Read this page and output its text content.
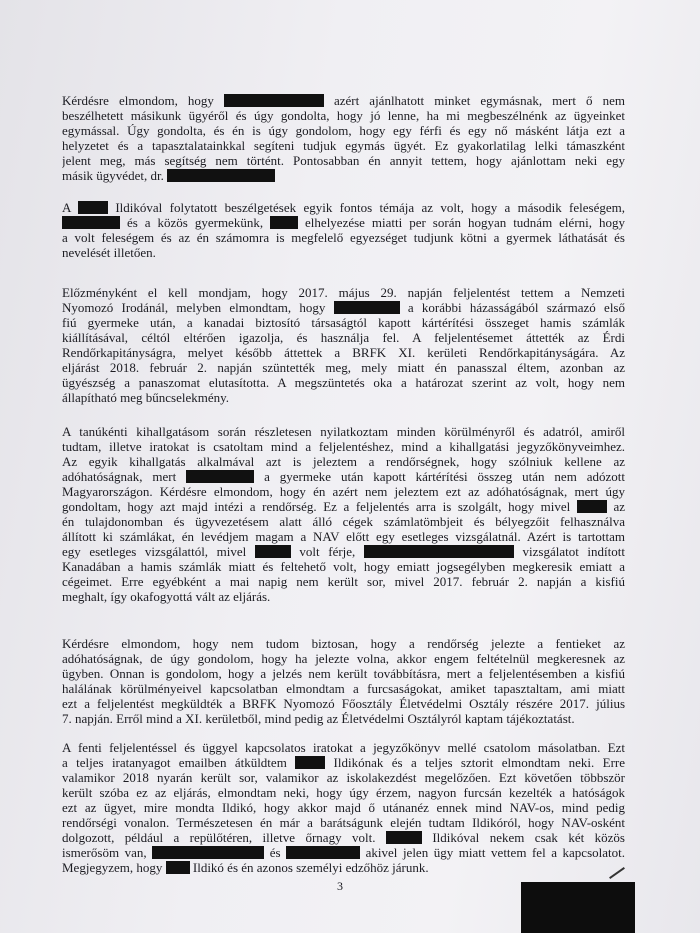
Kérdésre elmondom, hogy	azért ajánlhatott minket egymásnak, mert ő nem
beszélhetett másikunk ügyéről és úgy gondolta, hogy jó lenne, ha mi megbeszélnénk az ügyeinket
egymással. Úgy gondolta, és én is úgy gondolom, hogy egy férfi és egy nő másként látja ezt a
helyzetet és a tapasztalatainkkal segíteni tudjuk egymás ügyét. Ez gyakorlatilag lelki támaszként
jelent meg, más segítség nem történt. Pontosabban én annyit tettem, hogy ajánlottam neki egy
másik ügyvédet, dr.
A  Ildikóval folytatott beszélgetések egyik fontos témája az volt, hogy a második feleségem,
és a közös gyermekünk,  elhelyezése miatti per során hogyan tudnám elérni, hogy
a volt feleségem és az én számomra is megfelelő egyezséget tudjunk kötni a gyermek láthatását és
nevelését illetően.
Előzményként el kell mondjam, hogy 2017. május 29. napján feljelentést tettem a Nemzeti
Nyomozó Irodánál, melyben elmondtam, hogy	a korábbi házasságából származó első
fiú gyermeke után, a kanadai biztosító társaságtól kapott kártérítési összeget hamis számlák
kiállításával, céltól eltérően igazolja, és használja fel. A feljelentésemet áttették az Érdi
Rendőrkapitányságra, melyet később áttettek a BRFK XI. kerületi Rendőrkapitányságára. Az
eljárást 2018. február 2. napján szüntették meg, mely miatt én panasszal éltem, azonban az
ügyészség a panaszomat elutasította. A megszüntetés oka a határozat szerint az volt, hogy nem
állapítható meg bűncselekmény.
A tanúkénti kihallgatásom során részletesen nyilatkoztam minden körülményről és adatról, amiről
tudtam, illetve iratokat is csatoltam mind a feljelentéshez, mind a kihallgatási jegyzőkönyveimhez.
Az egyik kihallgatás alkalmával azt is jeleztem a rendőrségnek, hogy szólniuk kellene az
adóhatóságnak, mert	a gyermeke után kapott kártérítési összeg után nem adózott
Magyarországon. Kérdésre elmondom, hogy én azért nem jeleztem ezt az adóhatóságnak, mert úgy
gondoltam, hogy azt majd intézi a rendőrség. Ez a feljelentés arra is szolgált, hogy mivel  az
én tulajdonomban és ügyvezetésem alatt álló cégek számlatömbjeit és bélyegzőit felhasználva
állított ki számlákat, én levédjem magam a NAV előtt egy esetleges vizsgálatnál. Azért is tartottam
egy esetleges vizsgálattól, mivel	volt férje,	vizsgálatot indított
Kanadában a hamis számlák miatt és feltehető volt, hogy emiatt jogsegélyben megkeresik emiatt a
cégeimet. Erre egyébként a mai napig nem került sor, mivel 2017. február 2. napján a kisfiú
meghalt, így okafogyottá vált az eljárás.
Kérdésre elmondom, hogy nem tudom biztosan, hogy a rendőrség jelezte a fentieket az
adóhatóságnak, de úgy gondolom, hogy ha jelezte volna, akkor engem feltételnül megkeresnek az
ügyben. Onnan is gondolom, hogy a jelzés nem került továbbításra, mert a feljelentésemben a kisfiú
halálának körülményeivel kapcsolatban elmondtam a furcsaságokat, amiket tapasztaltam, ami miatt
ezt a feljelentést megküldték a BRFK Nyomozó Főosztály Életvédelmi Osztály részére 2017. július
7. napján. Erről mind a XI. kerületből, mind pedig az Életvédelmi Osztályról kaptam tájékoztatást.
A fenti feljelentéssel és üggyel kapcsolatos iratokat a jegyzőkönyv mellé csatolom másolatban. Ezt
a teljes iratanyagot emailben átküldtem  Ildikónak és a teljes sztorit elmondtam neki. Erre
valamikor 2018 nyarán került sor, valamikor az iskolakezdést megelőzően. Ezt követően többször
került szóba ez az eljárás, elmondtam neki, hogy úgy érzem, nagyon furcsán kezelték a hatóságok
ezt az ügyet, mire mondta Ildikó, hogy akkor majd ő utánanéz ennek mind NAV-os, mind pedig
rendőrségi vonalon. Természetesen én már a barátságunk elején tudtam Ildikóról, hogy NAV-osként
dolgozott, például a repülőtéren, illetve őrnagy volt.	Ildikóval nekem csak két közös
ismerősöm van,	és	akivel jelen ügy miatt vettem fel a kapcsolatot.
Megjegyzem, hogy  Ildikó és én azonos személyi edzőhöz járunk.
3
